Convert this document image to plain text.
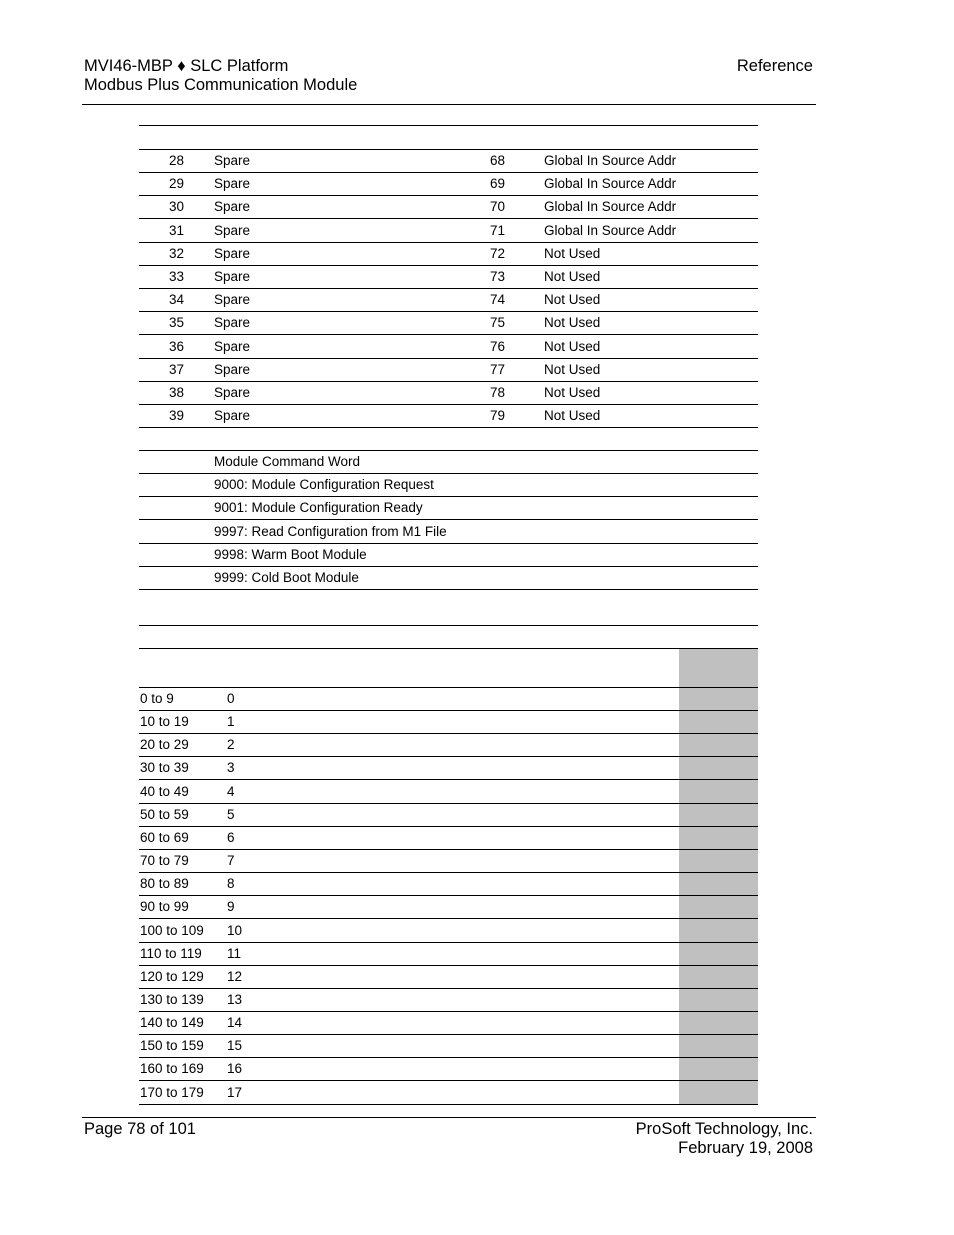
MVI46-MBP ♦ SLC Platform
Modbus Plus Communication Module
Reference
28 Spare	68	Global In Source Addr
29 Spare	69	Global In Source Addr
30 Spare	70	Global In Source Addr
31 Spare	71	Global In Source Addr
32 Spare	72	Not Used
33 Spare	73	Not Used
34 Spare	74	Not Used
35 Spare	75	Not Used
36 Spare	76	Not Used
37 Spare	77	Not Used
38 Spare	78	Not Used
39 Spare	79	Not Used
Module Command Word
9000: Module Configuration Request
9001: Module Configuration Ready
9997: Read Configuration from M1 File
9998: Warm Boot Module
9999: Cold Boot Module
0 to 9	0
10 to 19	1
20 to 29	2
30 to 39	3
40 to 49	4
50 to 59	5
60 to 69	6
70 to 79	7
80 to 89	8
90 to 99	9
100 to 109 10
110 to 119 11
120 to 129 12
130 to 139 13
140 to 149 14
150 to 159 15
160 to 169 16
170 to 179 17
Page 78 of 101	ProSoft Technology, Inc.
February 19, 2008
